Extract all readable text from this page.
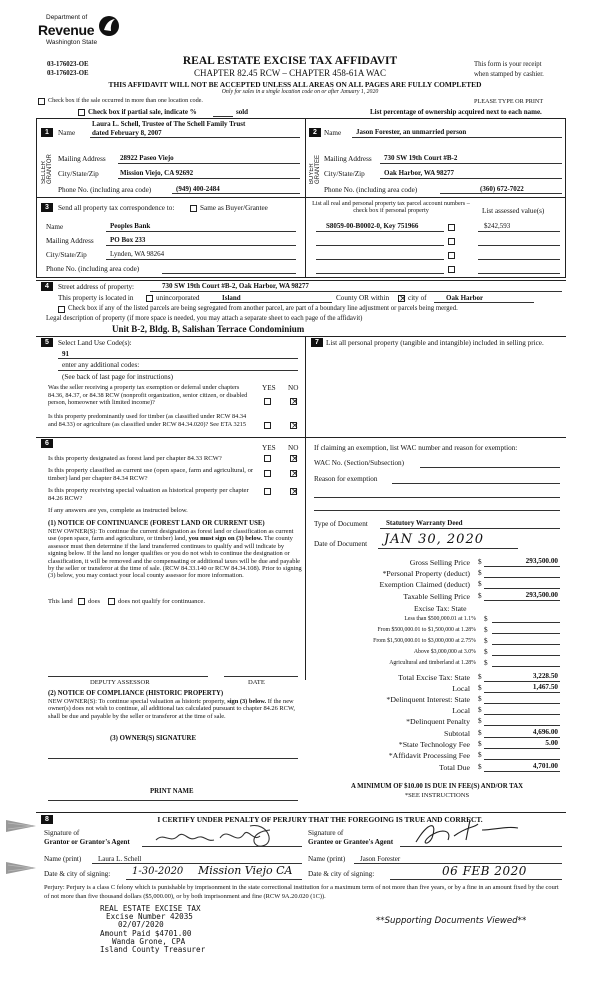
Department of
Revenue
Washington State
03-176023-OE
03-176023-OE
REAL ESTATE EXCISE TAX AFFIDAVIT
CHAPTER 82.45 RCW – CHAPTER 458-61A WAC
THIS AFFIDAVIT WILL NOT BE ACCEPTED UNLESS ALL AREAS ON ALL PAGES ARE FULLY COMPLETED
Only for sales in a single location code on or after January 1, 2020
This form is your receipt
when stamped by cashier.
Check box if the sale occurred in more than one location code.	PLEASE TYPE OR PRINT
Check box if partial sale, indicate %	sold	List percentage of ownership acquired next to each name.
1	Name
Laura L. Schell, Trustee of The Schell Family Trust
dated February 8, 2007
SELLER GRANTOR Mailing Address 28922 Paseo Viejo
City/State/Zip	Mission Viejo, CA 92692
Phone No. (including area code)	(949) 400-2484
2 Name Jason Forester, an unmarried person
BUYER GRANTEE Mailing Address 730 SW 19th Court #B-2
City/State/Zip	Oak Harbor, WA 98277
Phone No. (including area code)	(360) 672-7022
3	Send all property tax correspondence to:	Same as Buyer/Grantee
Name	Peoples Bank
Mailing Address PO Box 233
City/State/Zip	Lynden, WA 98264
Phone No. (including area code)
List all real and personal property tax parcel account numbers – check box if personal property	List assessed value(s)
S8059-00-B0002-0, Key 751966	$242,593
4	Street address of property:	730 SW 19th Court #B-2, Oak Harbor, WA 98277
This property is located in	unincorporated	Island	County OR within
×	city of	Oak Harbor
Check box if any of the listed parcels are being segregated from another parcel, are part of a boundary line adjustment or parcels being merged.
Legal description of property (if more space is needed, you may attach a separate sheet to each page of the affidavit)
Unit B-2, Bldg. B, Salishan Terrace Condominium
5	Select Land Use Code(s):
91
enter any additional codes:
(See back of last page for instructions)
YES NO
Was the seller receiving a property tax exemption or deferral under chapters 84.36, 84.37, or 84.38 RCW (nonprofit organization, senior citizen, or disabled person, homeowner with limited income)?
×
Is this property predominantly used for timber (as classified under RCW 84.34 and 84.33) or agriculture (as classified under RCW 84.34.020)? See ETA 3215
×
6
YES NO
Is this property designated as forest land per chapter 84.33 RCW?
×
Is this property classified as current use (open space, farm and agricultural, or timber) land per chapter 84.34 RCW?
×
Is this property receiving special valuation as historical property per chapter 84.26 RCW?
×
If any answers are yes, complete as instructed below.
(1) NOTICE OF CONTINUANCE (FOREST LAND OR CURRENT USE)
NEW OWNER(S): To continue the current designation as forest land or classification as current use (open space, farm and agriculture, or timber) land, you must sign on (3) below. The county assessor must then determine if the land transferred continues to qualify and will indicate by signing below. If the land no longer qualifies or you do not wish to continue the designation or classification, it will be removed and the compensating or additional taxes will be due and payable by the seller or transferor at the time of sale. (RCW 84.33.140 or RCW 84.34.108). Prior to signing (3) below, you may contact your local county assessor for more information.
This land does	does not qualify for continuance.
DEPUTY ASSESSOR	DATE
(2) NOTICE OF COMPLIANCE (HISTORIC PROPERTY)
NEW OWNER(S): To continue special valuation as historic property, sign (3) below. If the new owner(s) does not wish to continue, all additional tax calculated pursuant to chapter 84.26 RCW, shall be due and payable by the seller or transferor at the time of sale.
(3) OWNER(S) SIGNATURE
PRINT NAME
7 List all personal property (tangible and intangible) included in selling price.
If claiming an exemption, list WAC number and reason for exemption:
WAC No. (Section/Subsection)
Reason for exemption
Type of Document	Statutory Warranty Deed
Date of Document JAN 30, 2020
Gross Selling Price $	293,500.00
*Personal Property (deduct) $
Exemption Claimed (deduct) $
Taxable Selling Price $	293,500.00
Excise Tax: State
Less than $500,000.01 at 1.1% $
From $500,000.01 to $1,500,000 at 1.28% $
From $1,500,000.01 to $3,000,000 at 2.75% $
Above $3,000,000 at 3.0% $
Agricultural and timberland at 1.28% $
Total Excise Tax: State $	3,228.50
Local $	1,467.50
*Delinquent Interest: State $
Local $
*Delinquent Penalty $
Subtotal $	4,696.00
*State Technology Fee $	5.00
*Affidavit Processing Fee $
Total Due $	4,701.00
A MINIMUM OF $10.00 IS DUE IN FEE(S) AND/OR TAX
*SEE INSTRUCTIONS
8	I CERTIFY UNDER PENALTY OF PERJURY THAT THE FOREGOING IS TRUE AND CORRECT.
Signature of
Grantor or Grantor's Agent
Signature of
Grantee or Grantee's Agent
Name (print) Laura L. Schell	Name (print) Jason Forester
Date & city of signing: 1-30-2020 Mission Viejo CA Date & city of signing:	06 FEB 2020
Perjury: Perjury is a class C felony which is punishable by imprisonment in the state correctional institution for a maximum term of not more than five years, or by a fine in an amount fixed by the court of not more than five thousand dollars ($5,000.00), or by both imprisonment and fine (RCW 9A.20.020 (1C)).
REAL ESTATE EXCISE TAX
Excise Number 42035
02/07/2020
Amount Paid $4701.00
Wanda Grone, CPA
Island County Treasurer
**Supporting Documents Viewed**
